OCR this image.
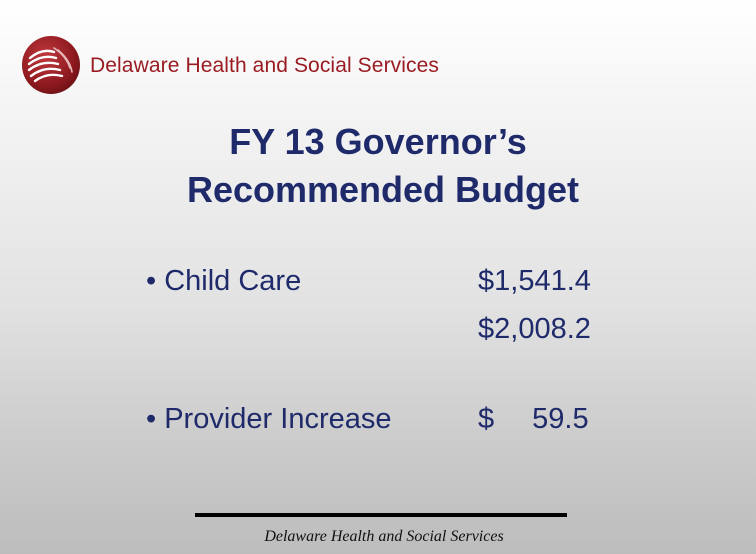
Delaware Health and Social Services
FY 13 Governor’s
Recommended Budget
• Child Care	$1,541.4
$2,008.2
• Provider Increase	$ 59.5
Delaware Health and Social Services
